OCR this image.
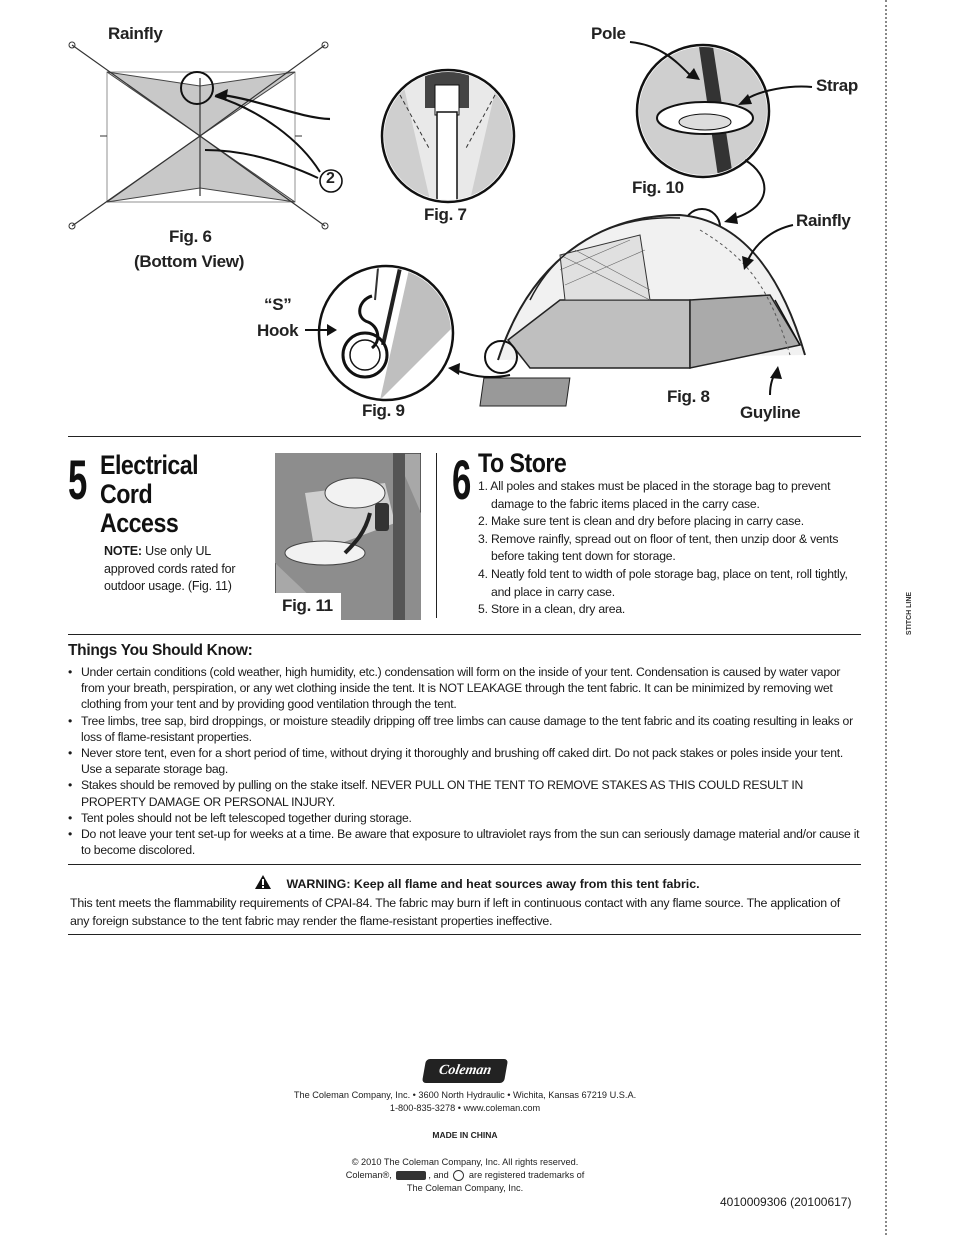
STITCH LINE
Rainfly
Fig. 6
(Bottom View)
2
Fig. 7
Pole
Strap
Fig. 10
Rainfly
“S”
Hook
Fig. 9
Fig. 8
Guyline
5 Electrical
Cord
Access
NOTE: Use only UL
approved cords rated for
outdoor usage. (Fig. 11)
Fig. 11
6 To Store
1. All poles and stakes must be placed in the storage bag to prevent damage to the fabric items placed in the carry case.
2. Make sure tent is clean and dry before placing in carry case.
3. Remove rainfly, spread out on floor of tent, then unzip door & vents before taking tent down for storage.
4. Neatly fold tent to width of pole storage bag, place on tent, roll tightly, and place in carry case.
5. Store in a clean, dry area.
Things You Should Know:
• Under certain conditions (cold weather, high humidity, etc.) condensation will form on the inside of your tent. Condensation is caused by water vapor from your breath, perspiration, or any wet clothing inside the tent. It is NOT LEAKAGE through the tent fabric. It can be minimized by removing wet clothing from your tent and by providing good ventilation through the tent.
• Tree limbs, tree sap, bird droppings, or moisture steadily dripping off tree limbs can cause damage to the tent fabric and its coating resulting in leaks or loss of flame-resistant properties.
• Never store tent, even for a short period of time, without drying it thoroughly and brushing off caked dirt. Do not pack stakes or poles inside your tent. Use a separate storage bag.
• Stakes should be removed by pulling on the stake itself. NEVER PULL ON THE TENT TO REMOVE STAKES AS THIS COULD RESULT IN PROPERTY DAMAGE OR PERSONAL INJURY.
• Tent poles should not be left telescoped together during storage.
• Do not leave your tent set-up for weeks at a time. Be aware that exposure to ultraviolet rays from the sun can seriously damage material and/or cause it to become discolored.
WARNING: Keep all flame and heat sources away from this tent fabric.
This tent meets the flammability requirements of CPAI-84. The fabric may burn if left in continuous contact with any flame source. The application of any foreign substance to the tent fabric may render the flame-resistant properties ineffective.
Coleman
The Coleman Company, Inc. • 3600 North Hydraulic • Wichita, Kansas 67219 U.S.A.
1-800-835-3278 • www.coleman.com
MADE IN CHINA
© 2010 The Coleman Company, Inc. All rights reserved.
Coleman®,	, and are registered trademarks of
The Coleman Company, Inc.
4010009306 (20100617)
